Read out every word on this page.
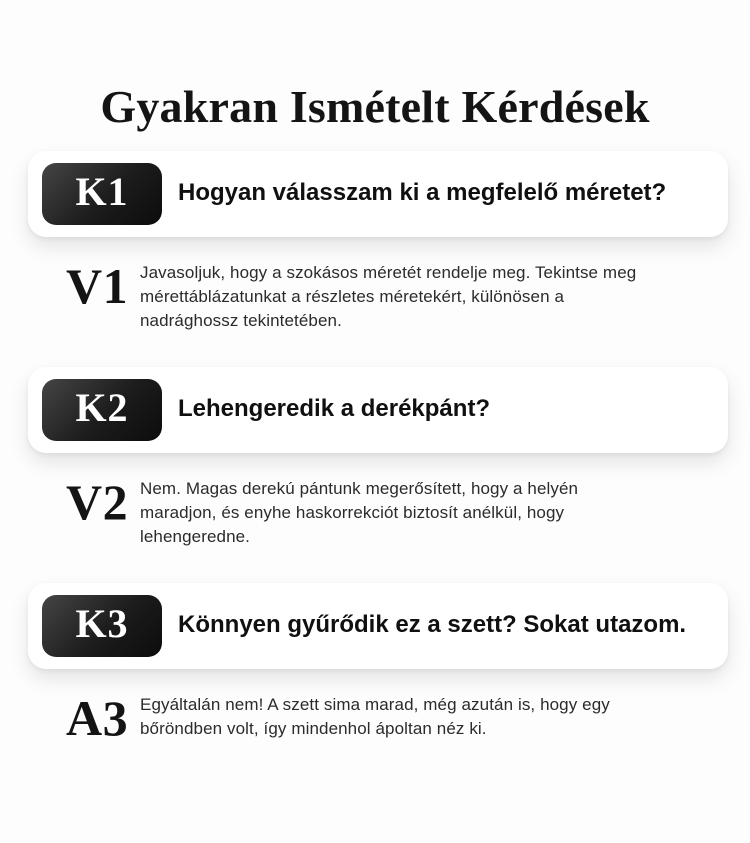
Gyakran Ismételt Kérdések
K1	Hogyan válasszam ki a megfelelő méretet?
V1 Javasoljuk, hogy a szokásos méretét rendelje meg. Tekintse meg mérettáblázatunkat a részletes méretekért, különösen a nadrághossz tekintetében.
K2	Lehengeredik a derékpánt?
V2 Nem. Magas derekú pántunk megerősített, hogy a helyén maradjon, és enyhe haskorrekciót biztosít anélkül, hogy lehengeredne.
K3	Könnyen gyűrődik ez a szett? Sokat utazom.
A3 Egyáltalán nem! A szett sima marad, még azután is, hogy egy bőröndben volt, így mindenhol ápoltan néz ki.
